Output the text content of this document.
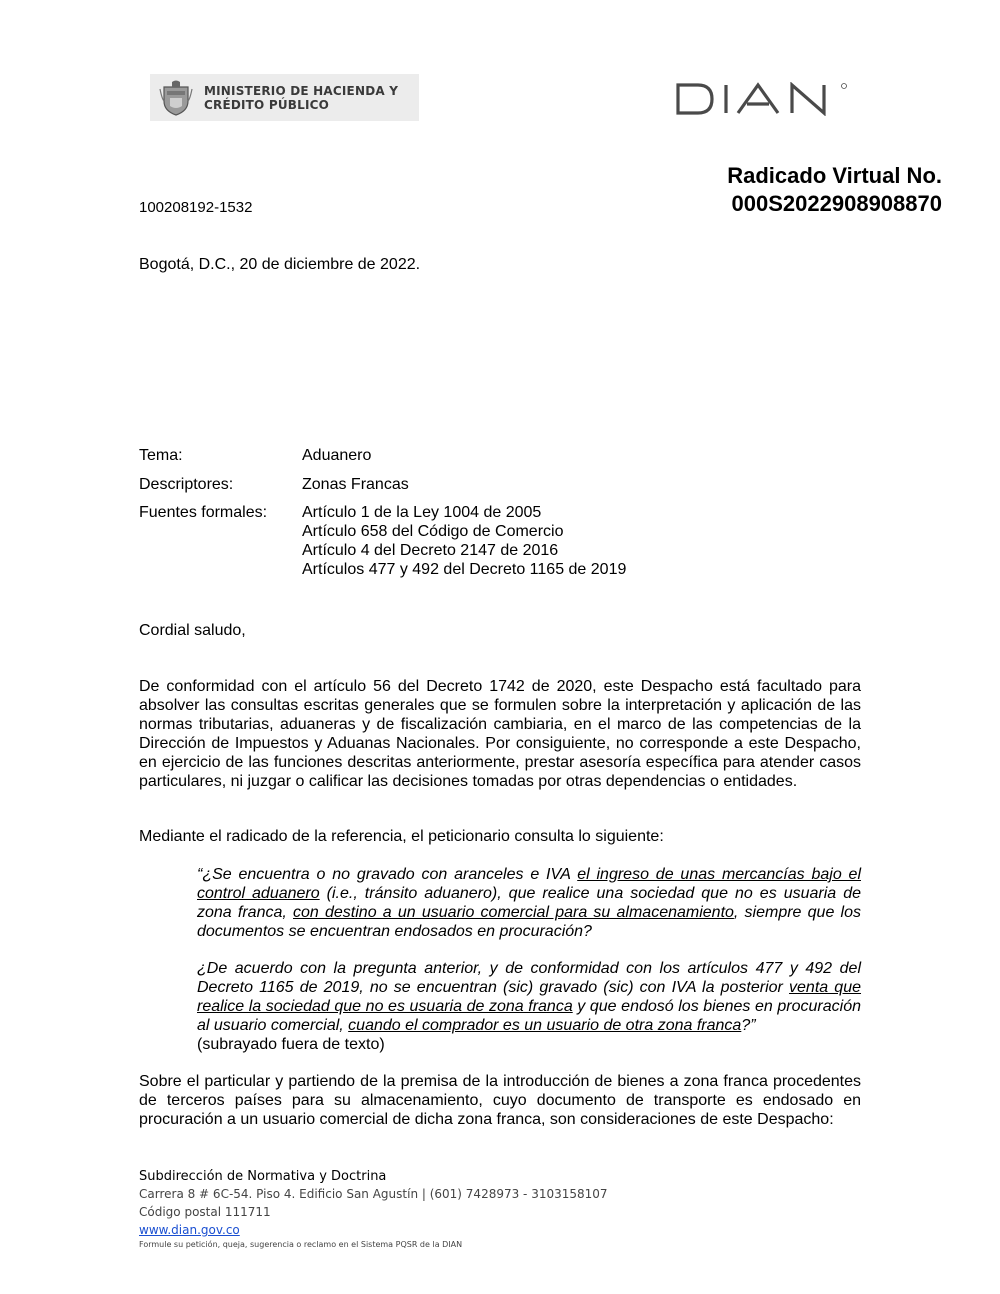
MINISTERIO DE HACIENDA Y
CRÉDITO PÚBLICO
Radicado Virtual No.
000S2022908908870
100208192-1532
Bogotá, D.C., 20 de diciembre de 2022.
Tema:	Aduanero
Descriptores:	Zonas Francas
Fuentes formales: Artículo 1 de la Ley 1004 de 2005
Artículo 658 del Código de Comercio
Artículo 4 del Decreto 2147 de 2016
Artículos 477 y 492 del Decreto 1165 de 2019
Cordial saludo,
De conformidad con el artículo 56 del Decreto 1742 de 2020, este Despacho está facultado para absolver las consultas escritas generales que se formulen sobre la interpretación y aplicación de las normas tributarias, aduaneras y de fiscalización cambiaria, en el marco de las competencias de la Dirección de Impuestos y Aduanas Nacionales. Por consiguiente, no corresponde a este Despacho, en ejercicio de las funciones descritas anteriormente, prestar asesoría específica para atender casos particulares, ni juzgar o calificar las decisiones tomadas por otras dependencias o entidades.
Mediante el radicado de la referencia, el peticionario consulta lo siguiente:
“¿Se encuentra o no gravado con aranceles e IVA el ingreso de unas mercancías bajo el control aduanero (i.e., tránsito aduanero), que realice una sociedad que no es usuaria de zona franca, con destino a un usuario comercial para su almacenamiento, siempre que los documentos se encuentran endosados en procuración?
¿De acuerdo con la pregunta anterior, y de conformidad con los artículos 477 y 492 del Decreto 1165 de 2019, no se encuentran (sic) gravado (sic) con IVA la posterior venta que realice la sociedad que no es usuaria de zona franca y que endosó los bienes en procuración al usuario comercial, cuando el comprador es un usuario de otra zona franca?”
(subrayado fuera de texto)
Sobre el particular y partiendo de la premisa de la introducción de bienes a zona franca procedentes de terceros países para su almacenamiento, cuyo documento de transporte es endosado en procuración a un usuario comercial de dicha zona franca, son consideraciones de este Despacho:
Subdirección de Normativa y Doctrina
Carrera 8 # 6C-54. Piso 4. Edificio San Agustín | (601) 7428973 - 3103158107
Código postal 111711
www.dian.gov.co
Formule su petición, queja, sugerencia o reclamo en el Sistema PQSR de la DIAN
